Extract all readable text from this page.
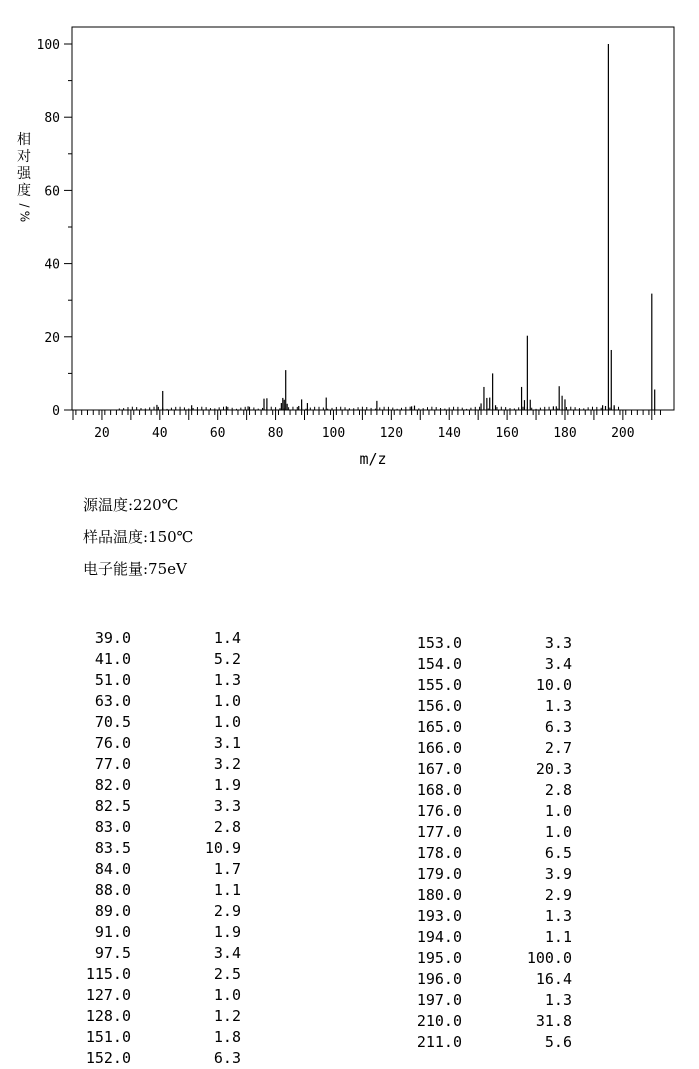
0
20
40
60
80
100
20	40	60	80	100	120	140	160	180	200
m/z
相
对
强
度
/
%
源温度:220℃
样品温度:150℃
电子能量:75eV
39.0	1.4
41.0	5.2
51.0	1.3
63.0	1.0
70.5	1.0
76.0	3.1
77.0	3.2
82.0	1.9
82.5	3.3
83.0	2.8
83.5	10.9
84.0	1.7
88.0	1.1
89.0	2.9
91.0	1.9
97.5	3.4
115.0	2.5
127.0	1.0
128.0	1.2
151.0	1.8
152.0	6.3
153.0	3.3
154.0	3.4
155.0	10.0
156.0	1.3
165.0	6.3
166.0	2.7
167.0	20.3
168.0	2.8
176.0	1.0
177.0	1.0
178.0	6.5
179.0	3.9
180.0	2.9
193.0	1.3
194.0	1.1
195.0	100.0
196.0	16.4
197.0	1.3
210.0	31.8
211.0	5.6
